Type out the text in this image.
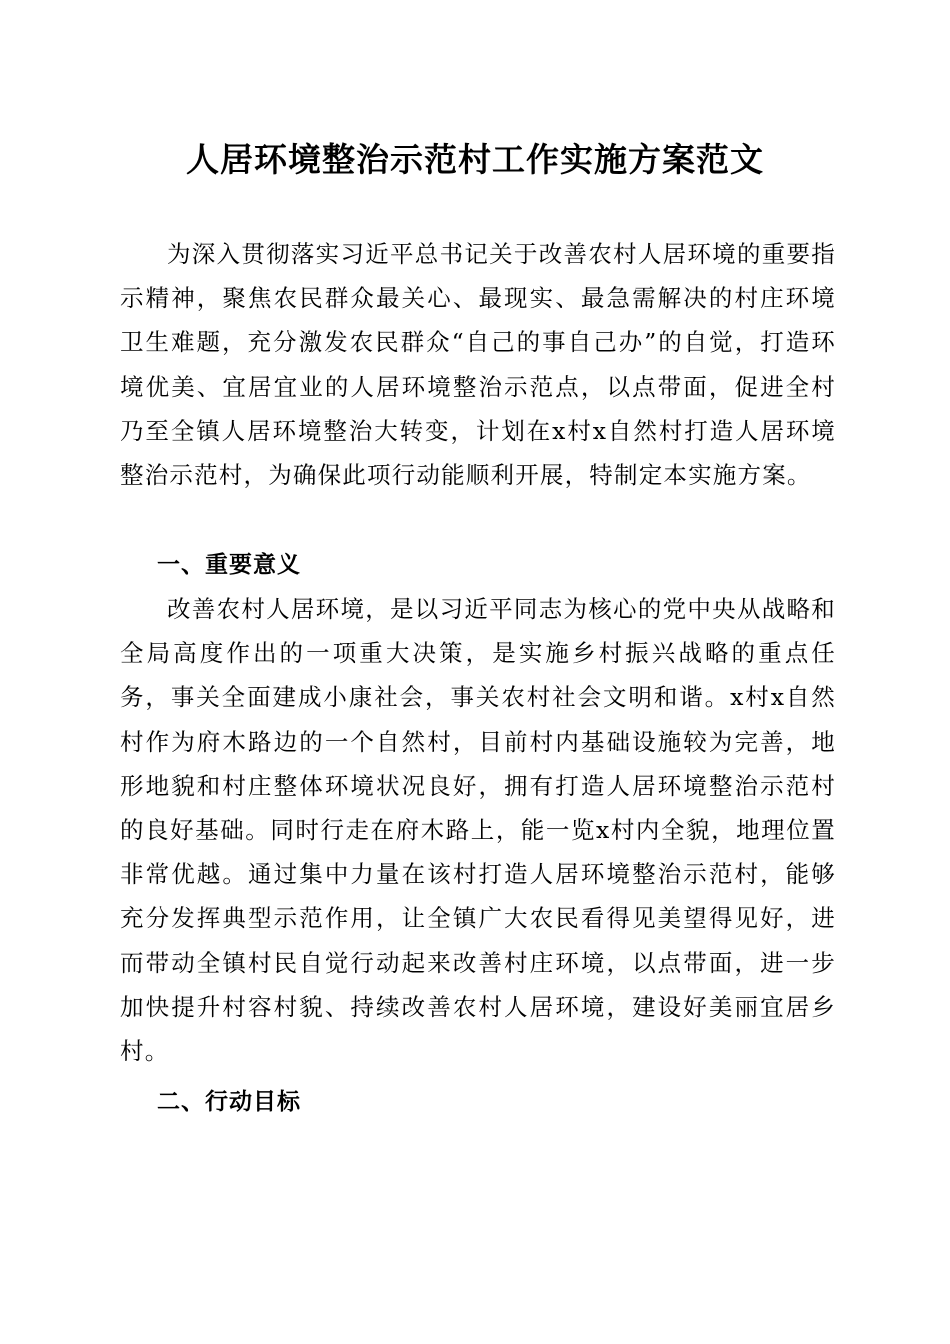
人居环境整治示范村工作实施方案范文

为深入贯彻落实习近平总书记关于改善农村人居环境的重要指示精神，聚焦农民群众最关心、最现实、最急需解决的村庄环境卫生难题，充分激发农民群众“自己的事自己办”的自觉，打造环境优美、宜居宜业的人居环境整治示范点，以点带面，促进全村乃至全镇人居环境整治大转变，计划在x村x自然村打造人居环境整治示范村，为确保此项行动能顺利开展，特制定本实施方案。

一、重要意义

改善农村人居环境，是以习近平同志为核心的党中央从战略和全局高度作出的一项重大决策，是实施乡村振兴战略的重点任务，事关全面建成小康社会，事关农村社会文明和谐。x村x自然村作为府木路边的一个自然村，目前村内基础设施较为完善，地形地貌和村庄整体环境状况良好，拥有打造人居环境整治示范村的良好基础。同时行走在府木路上，能一览x村内全貌，地理位置非常优越。通过集中力量在该村打造人居环境整治示范村，能够充分发挥典型示范作用，让全镇广大农民看得见美望得见好，进而带动全镇村民自觉行动起来改善村庄环境，以点带面，进一步加快提升村容村貌、持续改善农村人居环境，建设好美丽宜居乡村。

二、行动目标
